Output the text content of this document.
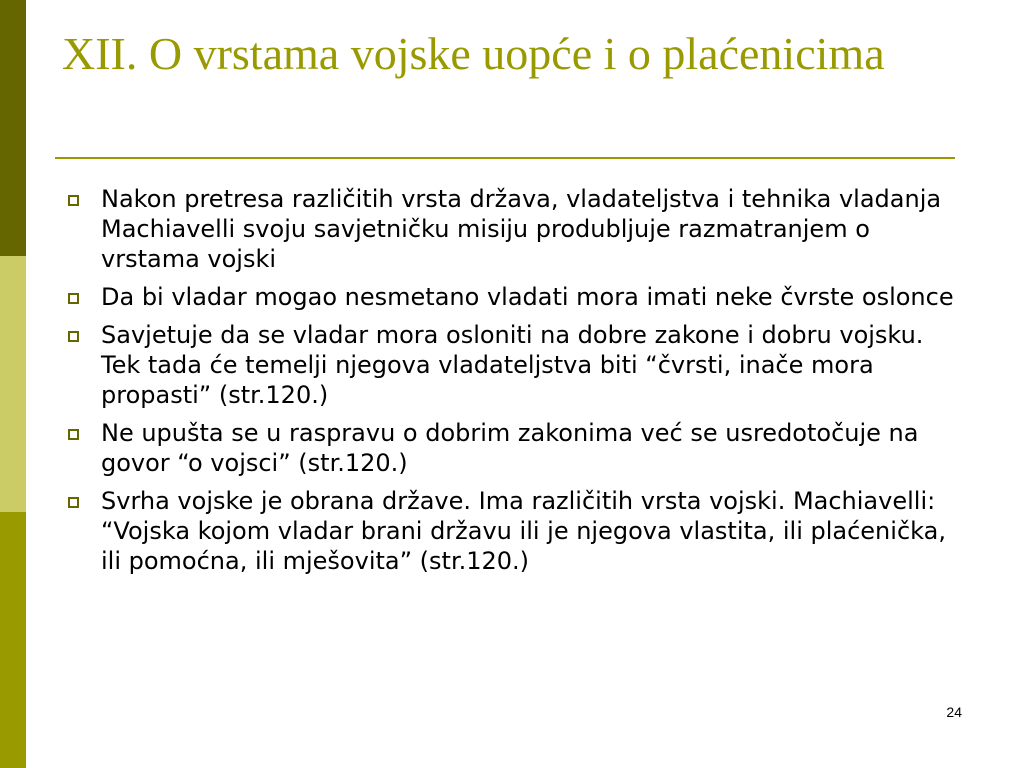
XII. O vrstama vojske uopće i o plaćenicima
Nakon pretresa različitih vrsta država, vladateljstva i tehnika vladanja Machiavelli svoju savjetničku misiju produbljuje razmatranjem o vrstama vojski
Da bi vladar mogao nesmetano vladati mora imati neke čvrste oslonce
Savjetuje da se vladar mora osloniti na dobre zakone i dobru vojsku. Tek tada će temelji njegova vladateljstva biti “čvrsti, inače mora propasti” (str.120.)
Ne upušta se u raspravu o dobrim zakonima već se usredotočuje na govor “o vojsci” (str.120.)
Svrha vojske je obrana države. Ima različitih vrsta vojski. Machiavelli: “Vojska kojom vladar brani državu ili je njegova vlastita, ili plaćenička, ili pomoćna, ili mješovita” (str.120.)
24
